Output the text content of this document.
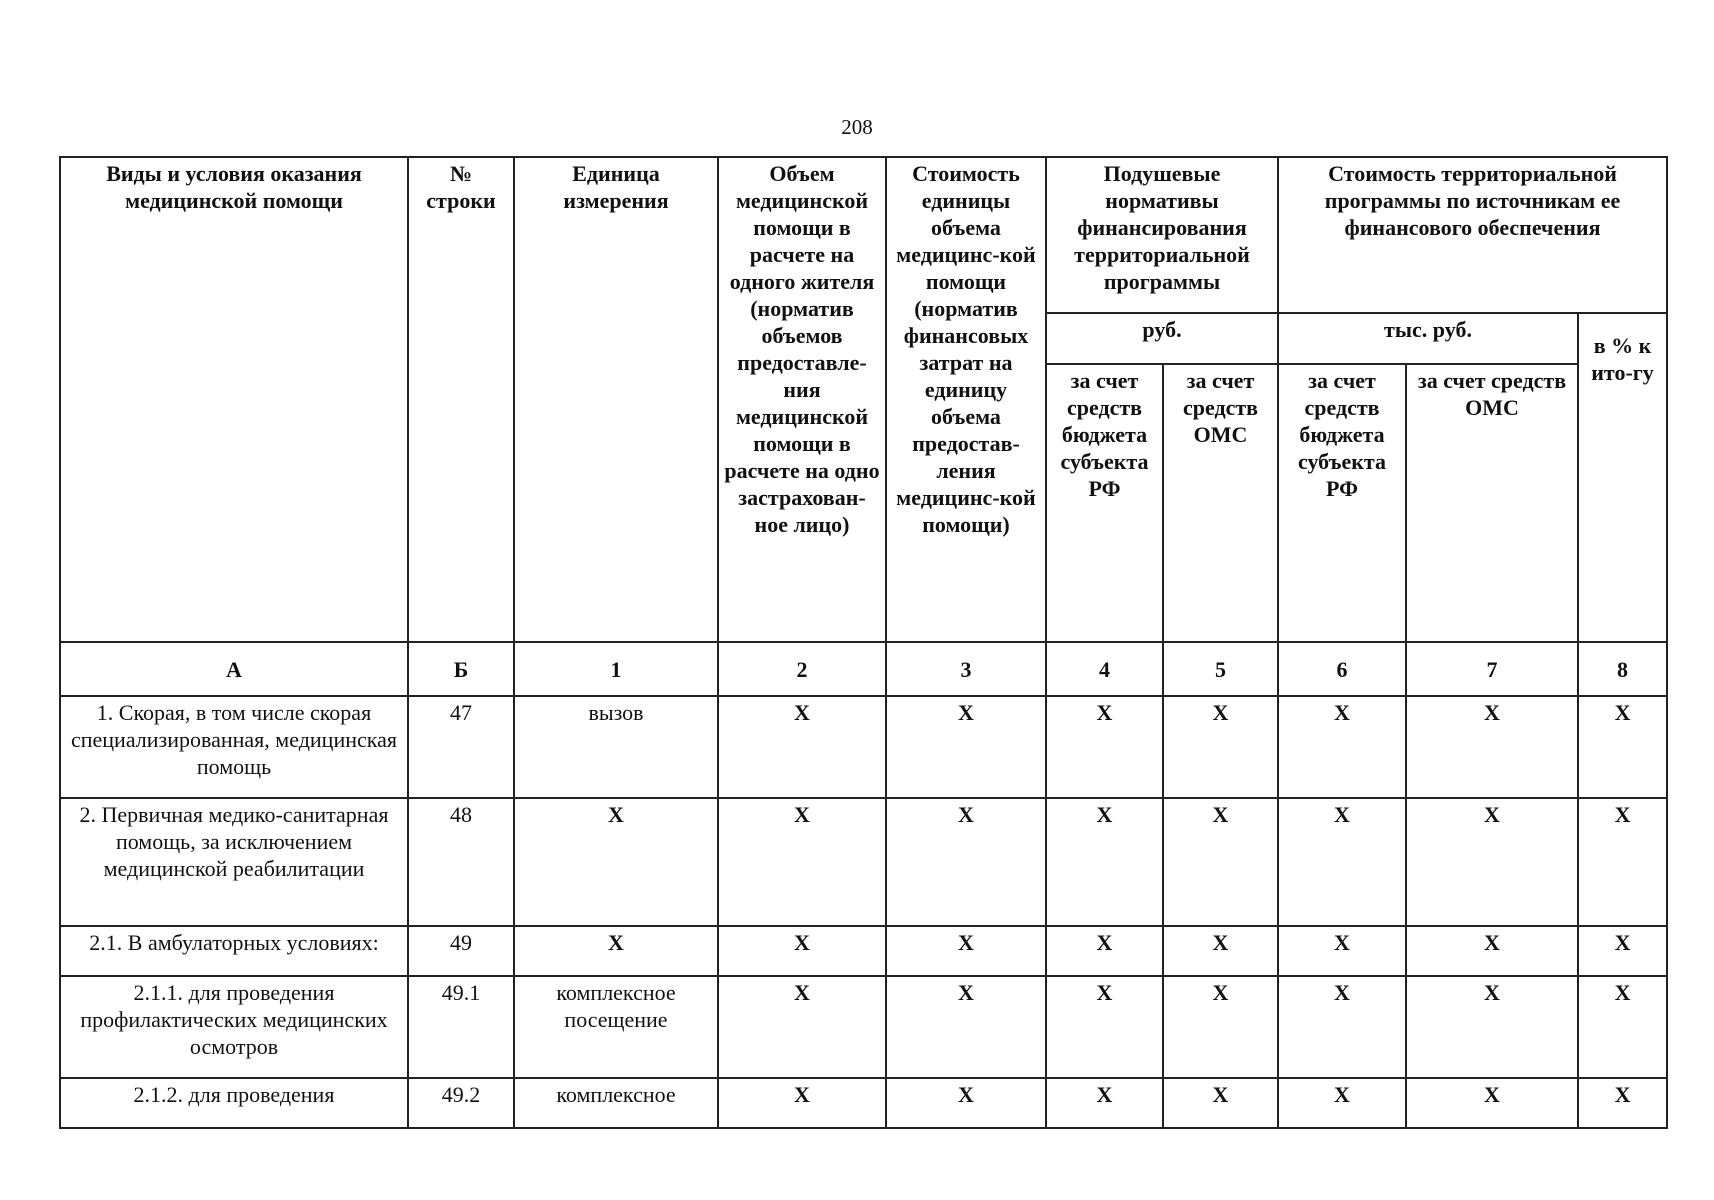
208
Виды и условия оказания медицинской помощи	№ строки	Единица измерения	Объем медицинской помощи в расчете на одного жителя (норматив объемов предоставле-ния медицинской помощи в расчете на одно застрахован-ное лицо)	Стоимость единицы объема медицинс-кой помощи (норматив финансовых затрат на единицу объема предостав-ления медицинс-кой помощи)	Подушевые нормативы финансирования территориальной программы		Стоимость территориальной программы по источникам ее финансового обеспечения		
					руб.		тыс. руб.		в % к ито-гу
					за счет средств бюджета субъекта РФ	за счет средств ОМС	за счет средств бюджета субъекта РФ	за счет средств ОМС	
А	Б	1	2	3	4	5	6	7	8
1. Скорая, в том числе скорая специализированная, медицинская помощь	47	вызов	X	X	X	X	X	X	X
2. Первичная медико-санитарная помощь, за исключением медицинской реабилитации	48	X	X	X	X	X	X	X	X
2.1. В амбулаторных условиях:	49	X	X	X	X	X	X	X	X
2.1.1. для проведения профилактических медицинских осмотров	49.1	комплексное посещение	X	X	X	X	X	X	X
2.1.2. для проведения	49.2	комплексное	X	X	X	X	X	X	X
